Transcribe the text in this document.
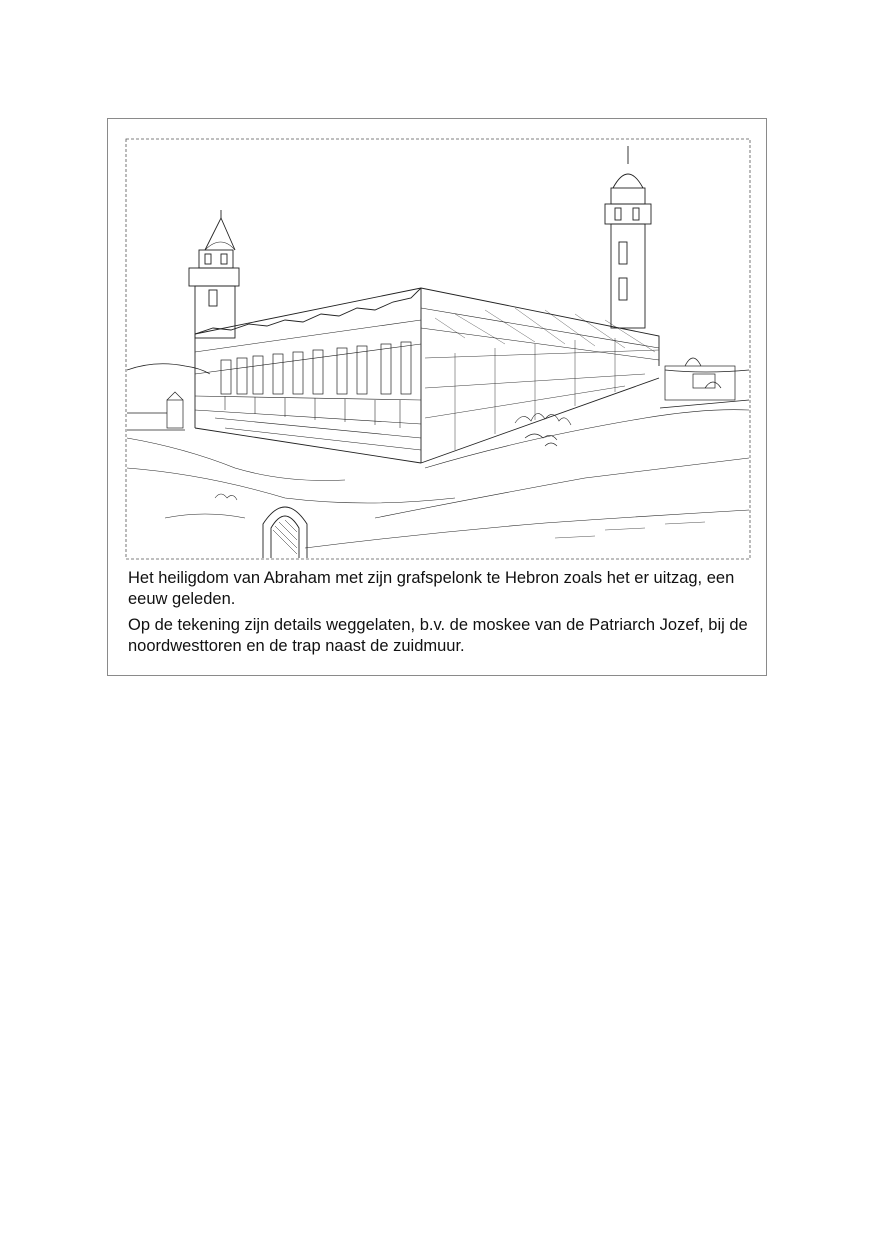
Het heiligdom van Abraham met zijn grafspelonk te Hebron zoals het er uitzag, een eeuw geleden.

Op de tekening zijn details weggelaten, b.v. de moskee van de Patriarch Jozef, bij de noordwesttoren en de trap naast de zuidmuur.
